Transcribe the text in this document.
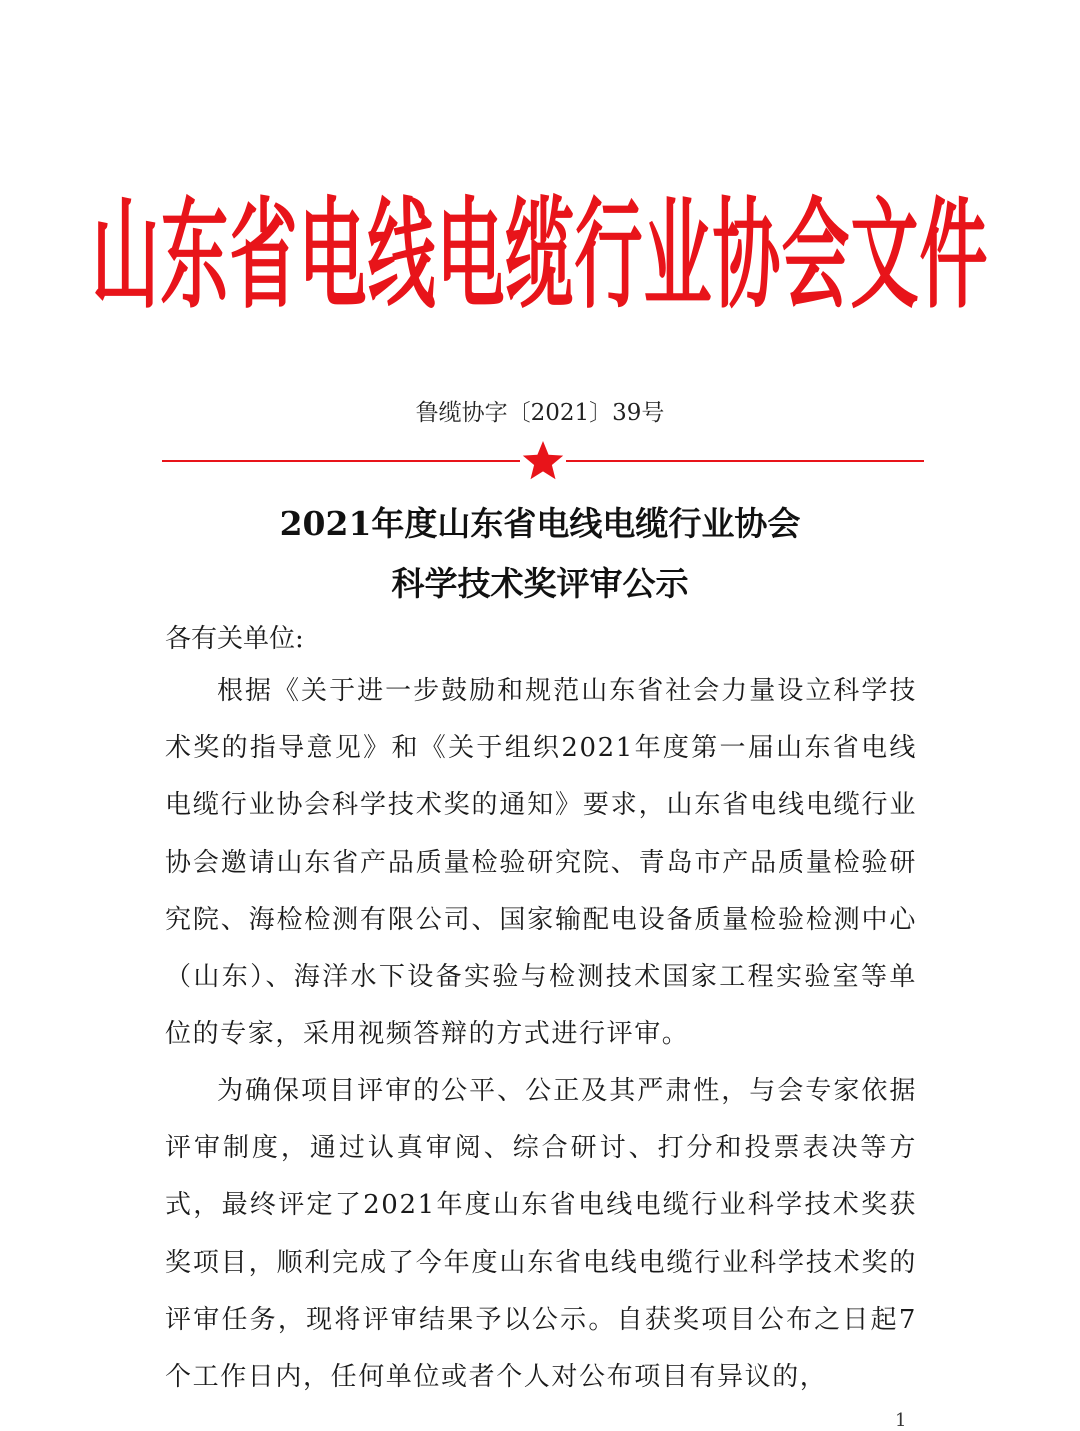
山东省电线电缆行业协会文件
鲁缆协字〔2021〕39号
2021年度山东省电线电缆行业协会
科学技术奖评审公示
各有关单位:
根据《关于进一步鼓励和规范山东省社会力量设立科学技术奖的指导意见》和《关于组织2021年度第一届山东省电线电缆行业协会科学技术奖的通知》要求，山东省电线电缆行业协会邀请山东省产品质量检验研究院、青岛市产品质量检验研究院、海检检测有限公司、国家输配电设备质量检验检测中心（山东）、海洋水下设备实验与检测技术国家工程实验室等单位的专家，采用视频答辩的方式进行评审。
为确保项目评审的公平、公正及其严肃性，与会专家依据评审制度，通过认真审阅、综合研讨、打分和投票表决等方式，最终评定了2021年度山东省电线电缆行业科学技术奖获奖项目，顺利完成了今年度山东省电线电缆行业科学技术奖的评审任务，现将评审结果予以公示。自获奖项目公布之日起7个工作日内，任何单位或者个人对公布项目有异议的，
1
